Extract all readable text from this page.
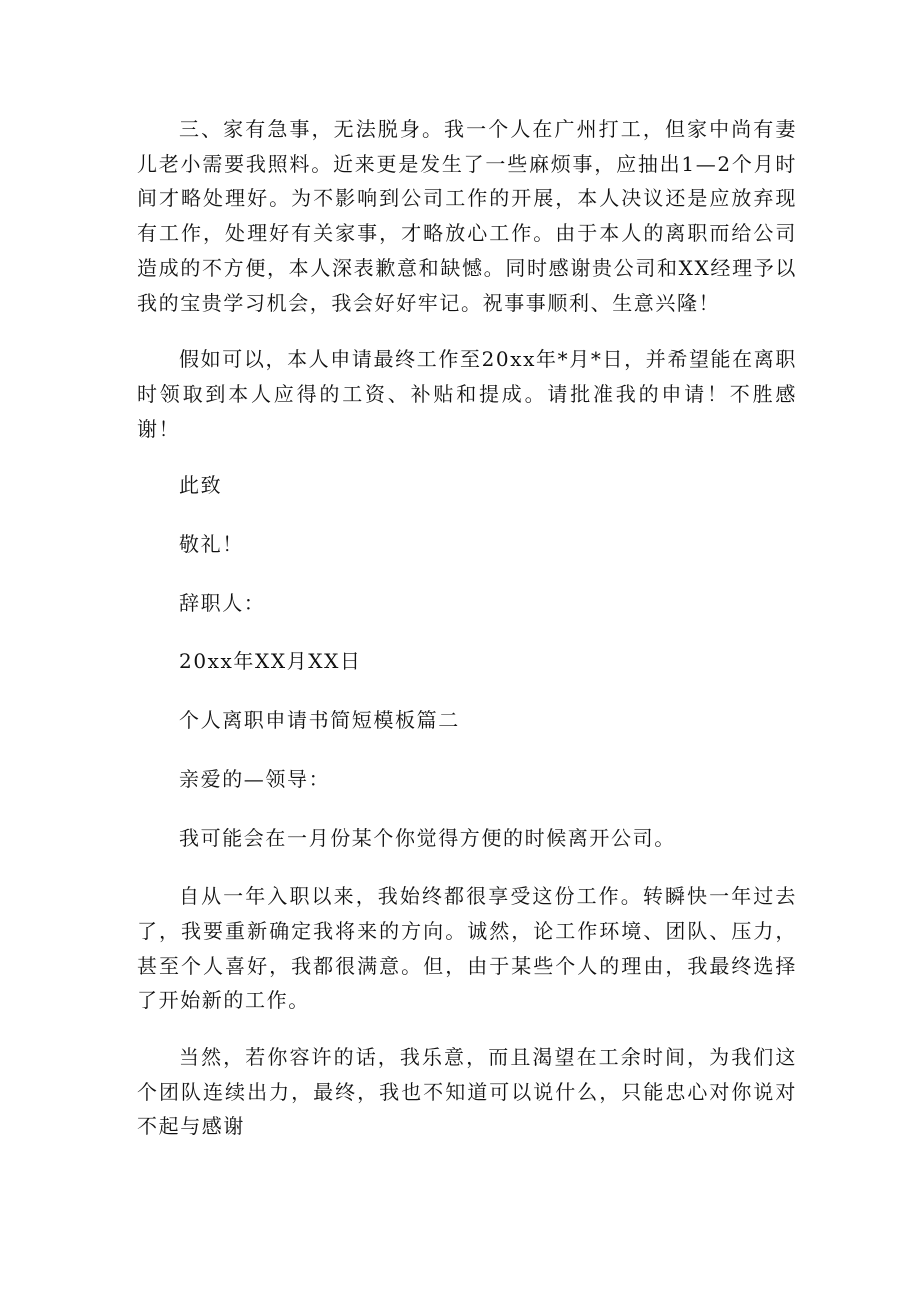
三、家有急事，无法脱身。我一个人在广州打工，但家中尚有妻儿老小需要我照料。近来更是发生了一些麻烦事，应抽出1—2个月时间才略处理好。为不影响到公司工作的开展，本人决议还是应放弃现有工作，处理好有关家事，才略放心工作。由于本人的离职而给公司造成的不方便，本人深表歉意和缺憾。同时感谢贵公司和XX经理予以我的宝贵学习机会，我会好好牢记。祝事事顺利、生意兴隆！

假如可以，本人申请最终工作至20xx年*月*日，并希望能在离职时领取到本人应得的工资、补贴和提成。请批准我的申请！不胜感谢！

此致

敬礼！

辞职人：

20xx年XX月XX日

个人离职申请书简短模板篇二

亲爱的—领导：

我可能会在一月份某个你觉得方便的时候离开公司。

自从一年入职以来，我始终都很享受这份工作。转瞬快一年过去了，我要重新确定我将来的方向。诚然，论工作环境、团队、压力，甚至个人喜好，我都很满意。但，由于某些个人的理由，我最终选择了开始新的工作。

当然，若你容许的话，我乐意，而且渴望在工余时间，为我们这个团队连续出力，最终，我也不知道可以说什么，只能忠心对你说对不起与感谢
